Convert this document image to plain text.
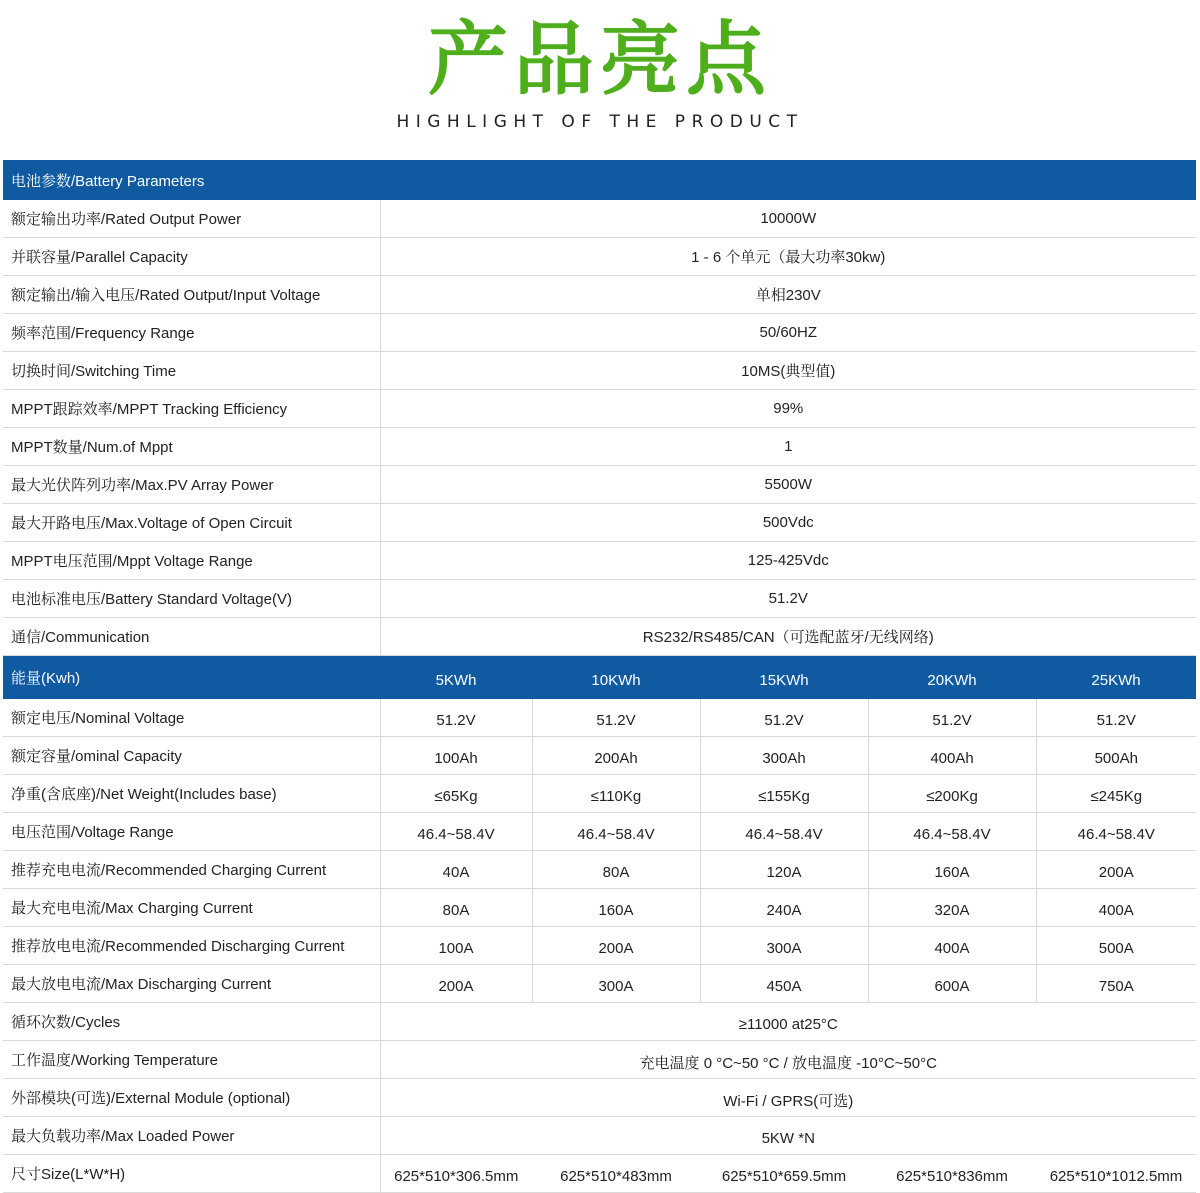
产品亮点
HIGHLIGHT OF THE PRODUCT
电池参数/Battery Parameters					
额定输出功率/Rated Output Power	10000W				
并联容量/Parallel Capacity	1 - 6 个单元（最大功率30kw)				
额定输出/输入电压/Rated Output/Input Voltage	单相230V				
频率范围/Frequency Range	50/60HZ				
切换时间/Switching Time	10MS(典型值)				
MPPT跟踪效率/MPPT Tracking Efficiency	99%				
MPPT数量/Num.of Mppt	1				
最大光伏阵列功率/Max.PV Array Power	5500W				
最大开路电压/Max.Voltage of Open Circuit	500Vdc				
MPPT电压范围/Mppt Voltage Range	125-425Vdc				
电池标准电压/Battery Standard Voltage(V)	51.2V				
通信/Communication	RS232/RS485/CAN（可选配蓝牙/无线网络)				
能量(Kwh)	5KWh	10KWh	15KWh	20KWh	25KWh
额定电压/Nominal Voltage	51.2V	51.2V	51.2V	51.2V	51.2V
额定容量/ominal Capacity	100Ah	200Ah	300Ah	400Ah	500Ah
净重(含底座)/Net Weight(Includes base)	≤65Kg	≤110Kg	≤155Kg	≤200Kg	≤245Kg
电压范围/Voltage Range	46.4~58.4V	46.4~58.4V	46.4~58.4V	46.4~58.4V	46.4~58.4V
推荐充电电流/Recommended Charging Current	40A	80A	120A	160A	200A
最大充电电流/Max Charging Current	80A	160A	240A	320A	400A
推荐放电电流/Recommended Discharging Current	100A	200A	300A	400A	500A
最大放电电流/Max Discharging Current	200A	300A	450A	600A	750A
循环次数/Cycles	≥11000 at25°C				
工作温度/Working Temperature	充电温度 0 °C~50 °C / 放电温度 -10°C~50°C				
外部模块(可选)/External Module (optional)	Wi-Fi / GPRS(可选)				
最大负载功率/Max Loaded Power	5KW *N				
尺寸Size(L*W*H)	625*510*306.5mm	625*510*483mm	625*510*659.5mm	625*510*836mm	625*510*1012.5mm
